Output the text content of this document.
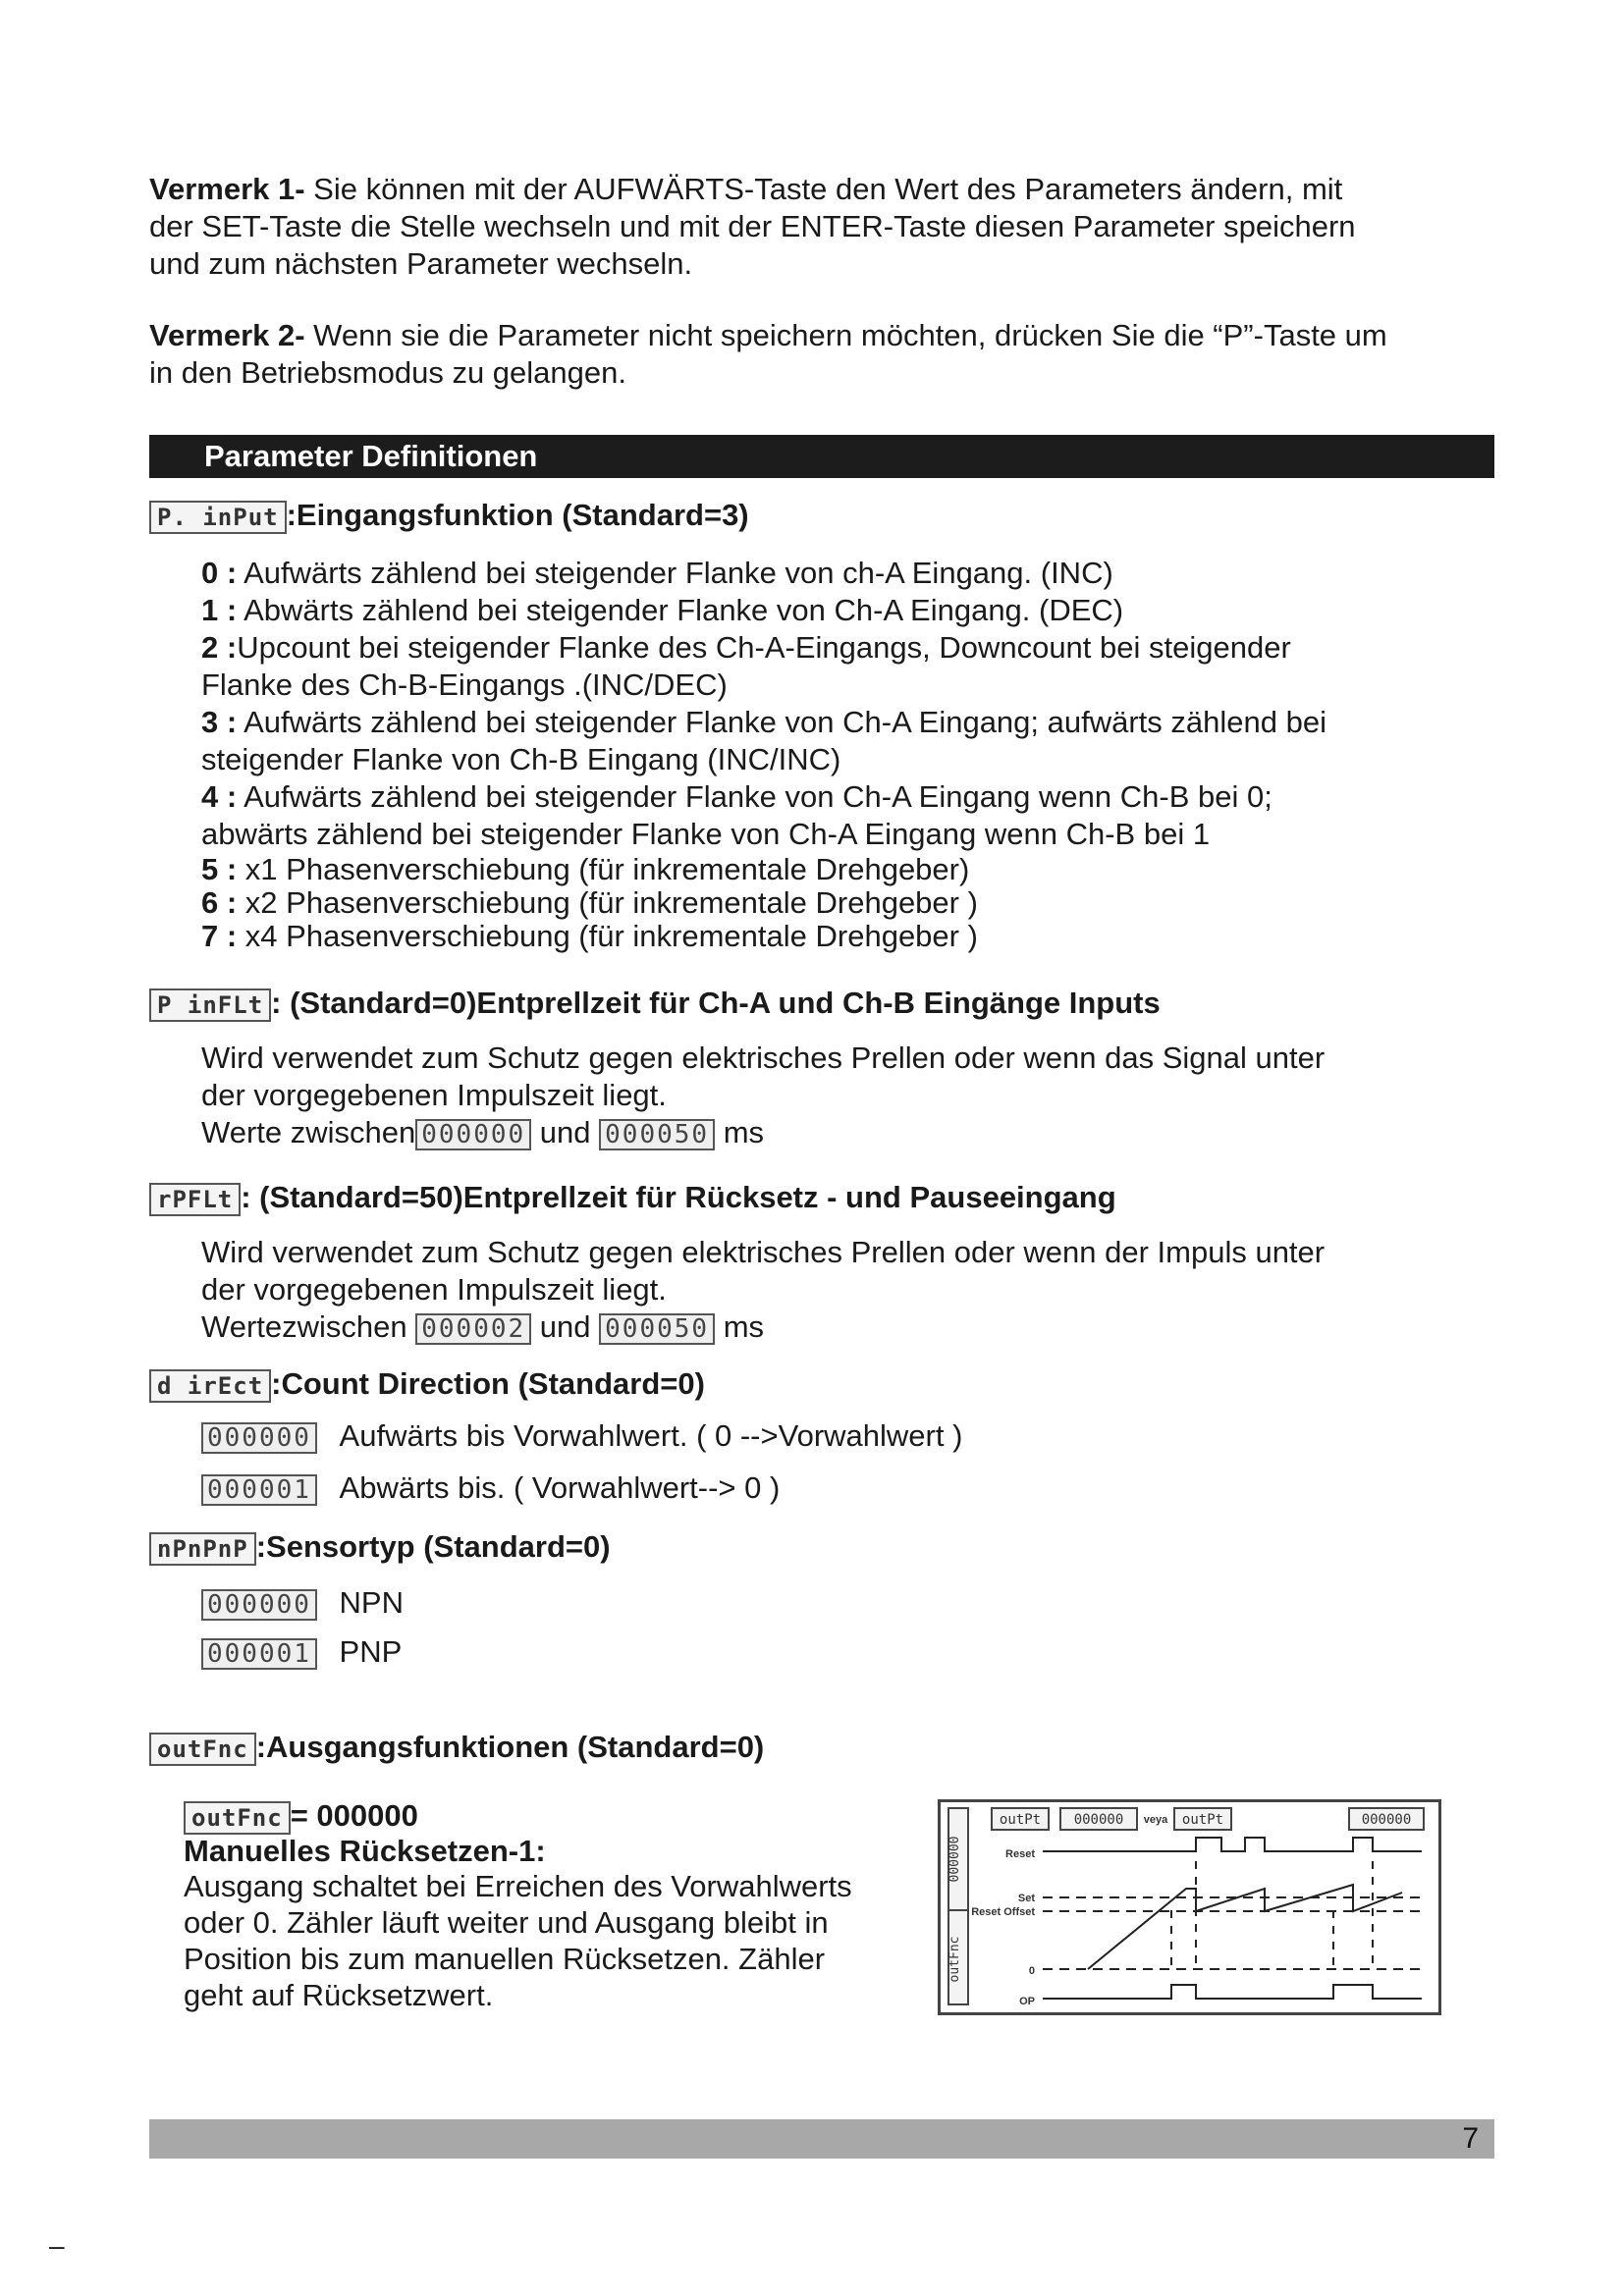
Vermerk 1- Sie können mit der AUFWÄRTS-Taste den Wert des Parameters ändern, mit
der SET-Taste die Stelle wechseln und mit der ENTER-Taste diesen Parameter speichern
und zum nächsten Parameter wechseln.
Vermerk 2- Wenn sie die Parameter nicht speichern möchten, drücken Sie die “P”-Taste um
in den Betriebsmodus zu gelangen.
Parameter Definitionen
P. inPut :Eingangsfunktion (Standard=3)
0 : Aufwärts zählend bei steigender Flanke von ch-A Eingang. (INC)
1 : Abwärts zählend bei steigender Flanke von Ch-A Eingang. (DEC)
2 :Upcount bei steigender Flanke des Ch-A-Eingangs, Downcount bei steigender
Flanke des Ch-B-Eingangs .(INC/DEC)
3 : Aufwärts zählend bei steigender Flanke von Ch-A Eingang; aufwärts zählend bei
steigender Flanke von Ch-B Eingang (INC/INC)
4 : Aufwärts zählend bei steigender Flanke von Ch-A Eingang wenn Ch-B bei 0;
abwärts zählend bei steigender Flanke von Ch-A Eingang wenn Ch-B bei 1
5 : x1 Phasenverschiebung (für inkrementale Drehgeber)
6 : x2 Phasenverschiebung (für inkrementale Drehgeber )
7 : x4 Phasenverschiebung (für inkrementale Drehgeber )
P inFLt : (Standard=0)Entprellzeit für Ch-A und Ch-B Eingänge Inputs
Wird verwendet zum Schutz gegen elektrisches Prellen oder wenn das Signal unter
der vorgegebenen Impulszeit liegt.
Werte zwischen 000000 und 000050 ms
rPFLt : (Standard=50)Entprellzeit für Rücksetz - und Pauseeingang
Wird verwendet zum Schutz gegen elektrisches Prellen oder wenn der Impuls unter
der vorgegebenen Impulszeit liegt.
Wertezwischen 000002 und 000050 ms
d irEct :Count Direction (Standard=0)
000000 Aufwärts bis Vorwahlwert. ( 0 -->Vorwahlwert )
000001 Abwärts bis. ( Vorwahlwert--> 0 )
nPnPnP :Sensortyp (Standard=0)
000000 NPN
000001 PNP
outFnc :Ausgangsfunktionen (Standard=0)
outFnc = 000000
Manuelles Rücksetzen-1:
Ausgang schaltet bei Erreichen des Vorwahlwerts
oder 0. Zähler läuft weiter und Ausgang bleibt in
Position bis zum manuellen Rücksetzen. Zähler
geht auf Rücksetzwert.
000000
outFnc
outPt 000000 veya outPt	000000
Reset
Set
Reset Offset
0
OP
7
–
